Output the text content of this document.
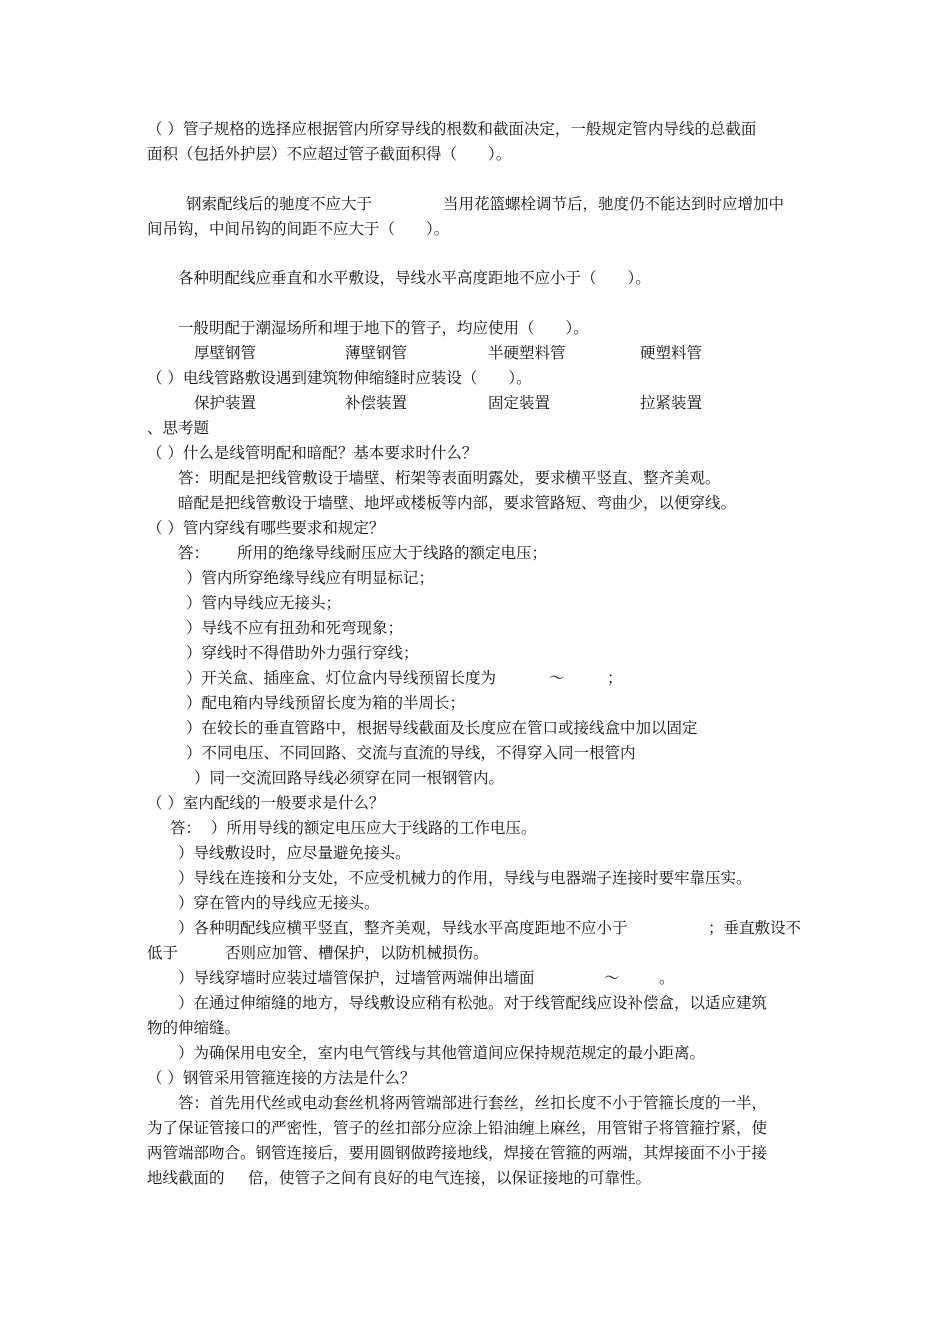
（ ）管子规格的选择应根据管内所穿导线的根数和截面决定，一般规定管内导线的总截面

面积（包括外护层）不应超过管子截面积得（　　）。

钢索配线后的驰度不应大于	当用花篮螺栓调节后，驰度仍不能达到时应增加中

间吊钩，中间吊钩的间距不应大于（　　）。

各种明配线应垂直和水平敷设，导线水平高度距地不应小于（　　）。

一般明配于潮湿场所和埋于地下的管子，均应使用（　　）。

厚壁钢管	薄壁钢管	半硬塑料管	硬塑料管

（ ）电线管路敷设遇到建筑物伸缩缝时应装设（　　）。

保护装置	补偿装置	固定装置	拉紧装置

、思考题

（ ）什么是线管明配和暗配？基本要求时什么？

答：明配是把线管敷设于墙壁、桁架等表面明露处，要求横平竖直、整齐美观。

暗配是把线管敷设于墙壁、地坪或楼板等内部，要求管路短、弯曲少，以便穿线。

（ ）管内穿线有哪些要求和规定？

答： 所用的绝缘导线耐压应大于线路的额定电压；

）管内所穿绝缘导线应有明显标记；

）管内导线应无接头；

）导线不应有扭劲和死弯现象；

）穿线时不得借助外力强行穿线；

）开关盒、插座盒、灯位盒内导线预留长度为	～	；

）配电箱内导线预留长度为箱的半周长；

）在较长的垂直管路中，根据导线截面及长度应在管口或接线盒中加以固定

）不同电压、不同回路、交流与直流的导线，不得穿入同一根管内

）同一交流回路导线必须穿在同一根钢管内。

（ ）室内配线的一般要求是什么？

答：  ）所用导线的额定电压应大于线路的工作电压。

）导线敷设时，应尽量避免接头。

）导线在连接和分支处，不应受机械力的作用，导线与电器端子连接时要牢靠压实。

）穿在管内的导线应无接头。

）各种明配线应横平竖直，整齐美观，导线水平高度距地不应小于	；垂直敷设不

低于	否则应加管、槽保护，以防机械损伤。

）导线穿墙时应装过墙管保护，过墙管两端伸出墙面	～	。

）在通过伸缩缝的地方，导线敷设应稍有松弛。对于线管配线应设补偿盒，以适应建筑

物的伸缩缝。

）为确保用电安全，室内电气管线与其他管道间应保持规范规定的最小距离。

（ ）钢管采用管箍连接的方法是什么？

答：首先用代丝或电动套丝机将两管端部进行套丝，丝扣长度不小于管箍长度的一半，

为了保证管接口的严密性，管子的丝扣部分应涂上铅油缠上麻丝，用管钳子将管箍拧紧，使

两管端部吻合。钢管连接后，要用圆钢做跨接地线，焊接在管箍的两端，其焊接面不小于接

地线截面的 倍，使管子之间有良好的电气连接，以保证接地的可靠性。
